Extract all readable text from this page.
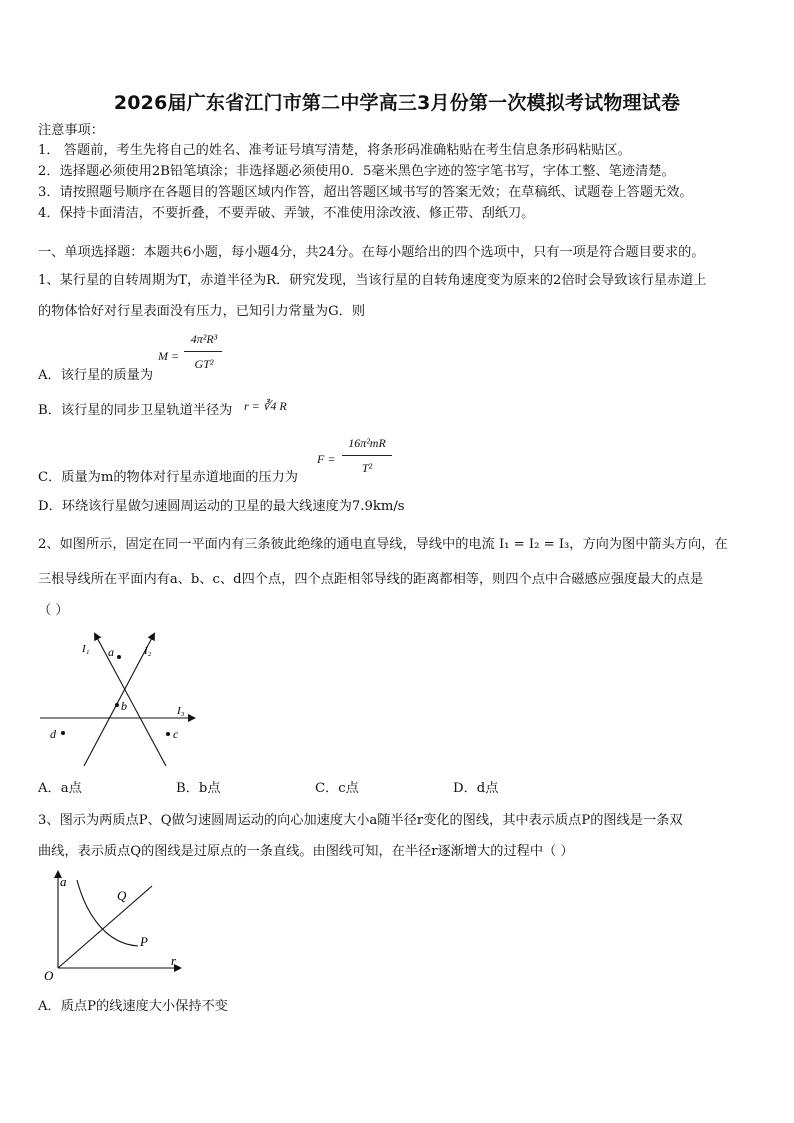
2026届广东省江门市第二中学高三3月份第一次模拟考试物理试卷
注意事项：
1． 答题前，考生先将自己的姓名、准考证号填写清楚，将条形码准确粘贴在考生信息条形码粘贴区。
2．选择题必须使用2B铅笔填涂；非选择题必须使用0．5毫米黑色字迹的签字笔书写，字体工整、笔迹清楚。
3．请按照题号顺序在各题目的答题区域内作答，超出答题区域书写的答案无效；在草稿纸、试题卷上答题无效。
4．保持卡面清洁，不要折叠，不要弄破、弄皱，不准使用涂改液、修正带、刮纸刀。
一、单项选择题：本题共6小题，每小题4分，共24分。在每小题给出的四个选项中，只有一项是符合题目要求的。
1、某行星的自转周期为T，赤道半径为R．研究发现，当该行星的自转角速度变为原来的2倍时会导致该行星赤道上
的物体恰好对行星表面没有压力，已知引力常量为G．则
A．该行星的质量为
M =
4π²R³
GT²
B．该行星的同步卫星轨道半径为 r = ∛4 R
C．质量为m的物体对行星赤道地面的压力为
F =
16π²mR
T²
D．环绕该行星做匀速圆周运动的卫星的最大线速度为7.9km/s
2、如图所示，固定在同一平面内有三条彼此绝缘的通电直导线，导线中的电流 I₁ = I₂ = I₃，方向为图中箭头方向，在
三根导线所在平面内有a、b、c、d四个点，四个点距相邻导线的距离都相等，则四个点中合磁感应强度最大的点是
（ ）
I₁	I₂
I₃
a
b
c
d
A．a点	B．b点	C．c点	D．d点
3、图示为两质点P、Q做匀速圆周运动的向心加速度大小a随半径r变化的图线，其中表示质点P的图线是一条双
曲线，表示质点Q的图线是过原点的一条直线。由图线可知，在半径r逐渐增大的过程中（ ）
a
Q
P
O
r
A．质点P的线速度大小保持不变
